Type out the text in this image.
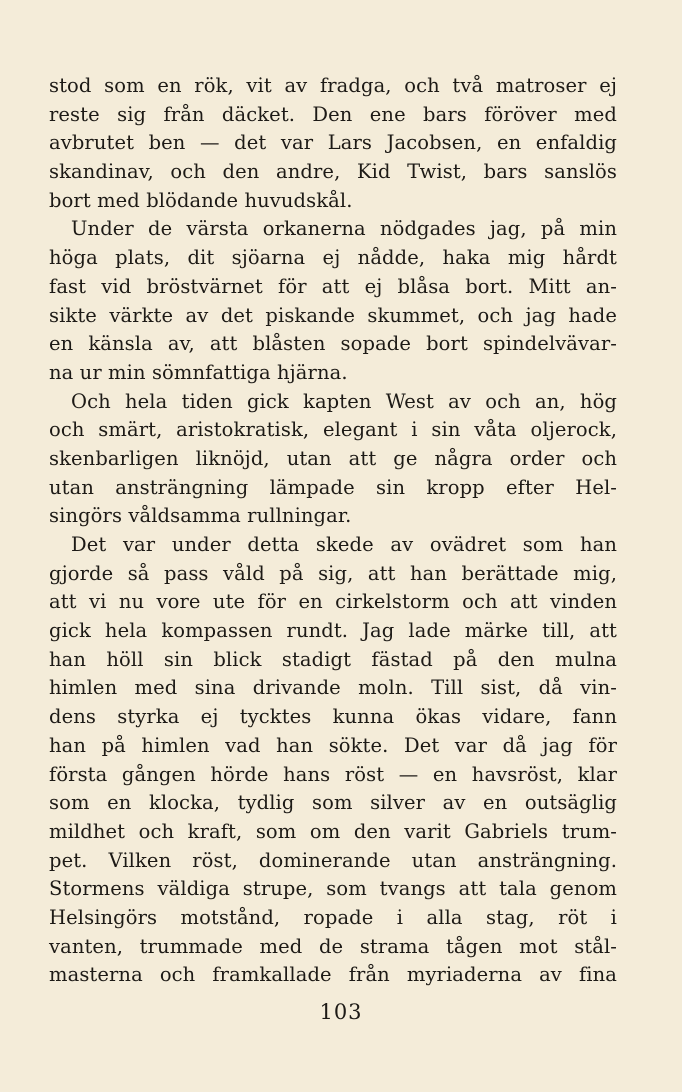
stod som en rök, vit av fradga, och två matroser ej
reste sig från däcket. Den ene bars föröver med
avbrutet ben — det var Lars Jacobsen, en enfaldig
skandinav, och den andre, Kid Twist, bars sanslös
bort med blödande huvudskål.
Under de värsta orkanerna nödgades jag, på min
höga plats, dit sjöarna ej nådde, haka mig hårdt
fast vid bröstvärnet för att ej blåsa bort. Mitt an-
sikte värkte av det piskande skummet, och jag hade
en känsla av, att blåsten sopade bort spindelvävar-
na ur min sömnfattiga hjärna.
Och hela tiden gick kapten West av och an, hög
och smärt, aristokratisk, elegant i sin våta oljerock,
skenbarligen liknöjd, utan att ge några order och
utan ansträngning lämpade sin kropp efter Hel-
singörs våldsamma rullningar.
Det var under detta skede av ovädret som han
gjorde så pass våld på sig, att han berättade mig,
att vi nu vore ute för en cirkelstorm och att vinden
gick hela kompassen rundt. Jag lade märke till, att
han höll sin blick stadigt fästad på den mulna
himlen med sina drivande moln. Till sist, då vin-
dens styrka ej tycktes kunna ökas vidare, fann
han på himlen vad han sökte. Det var då jag för
första gången hörde hans röst — en havsröst, klar
som en klocka, tydlig som silver av en outsäglig
mildhet och kraft, som om den varit Gabriels trum-
pet. Vilken röst, dominerande utan ansträngning.
Stormens väldiga strupe, som tvangs att tala genom
Helsingörs motstånd, ropade i alla stag, röt i
vanten, trummade med de strama tågen mot stål-
masterna och framkallade från myriaderna av fina
103
